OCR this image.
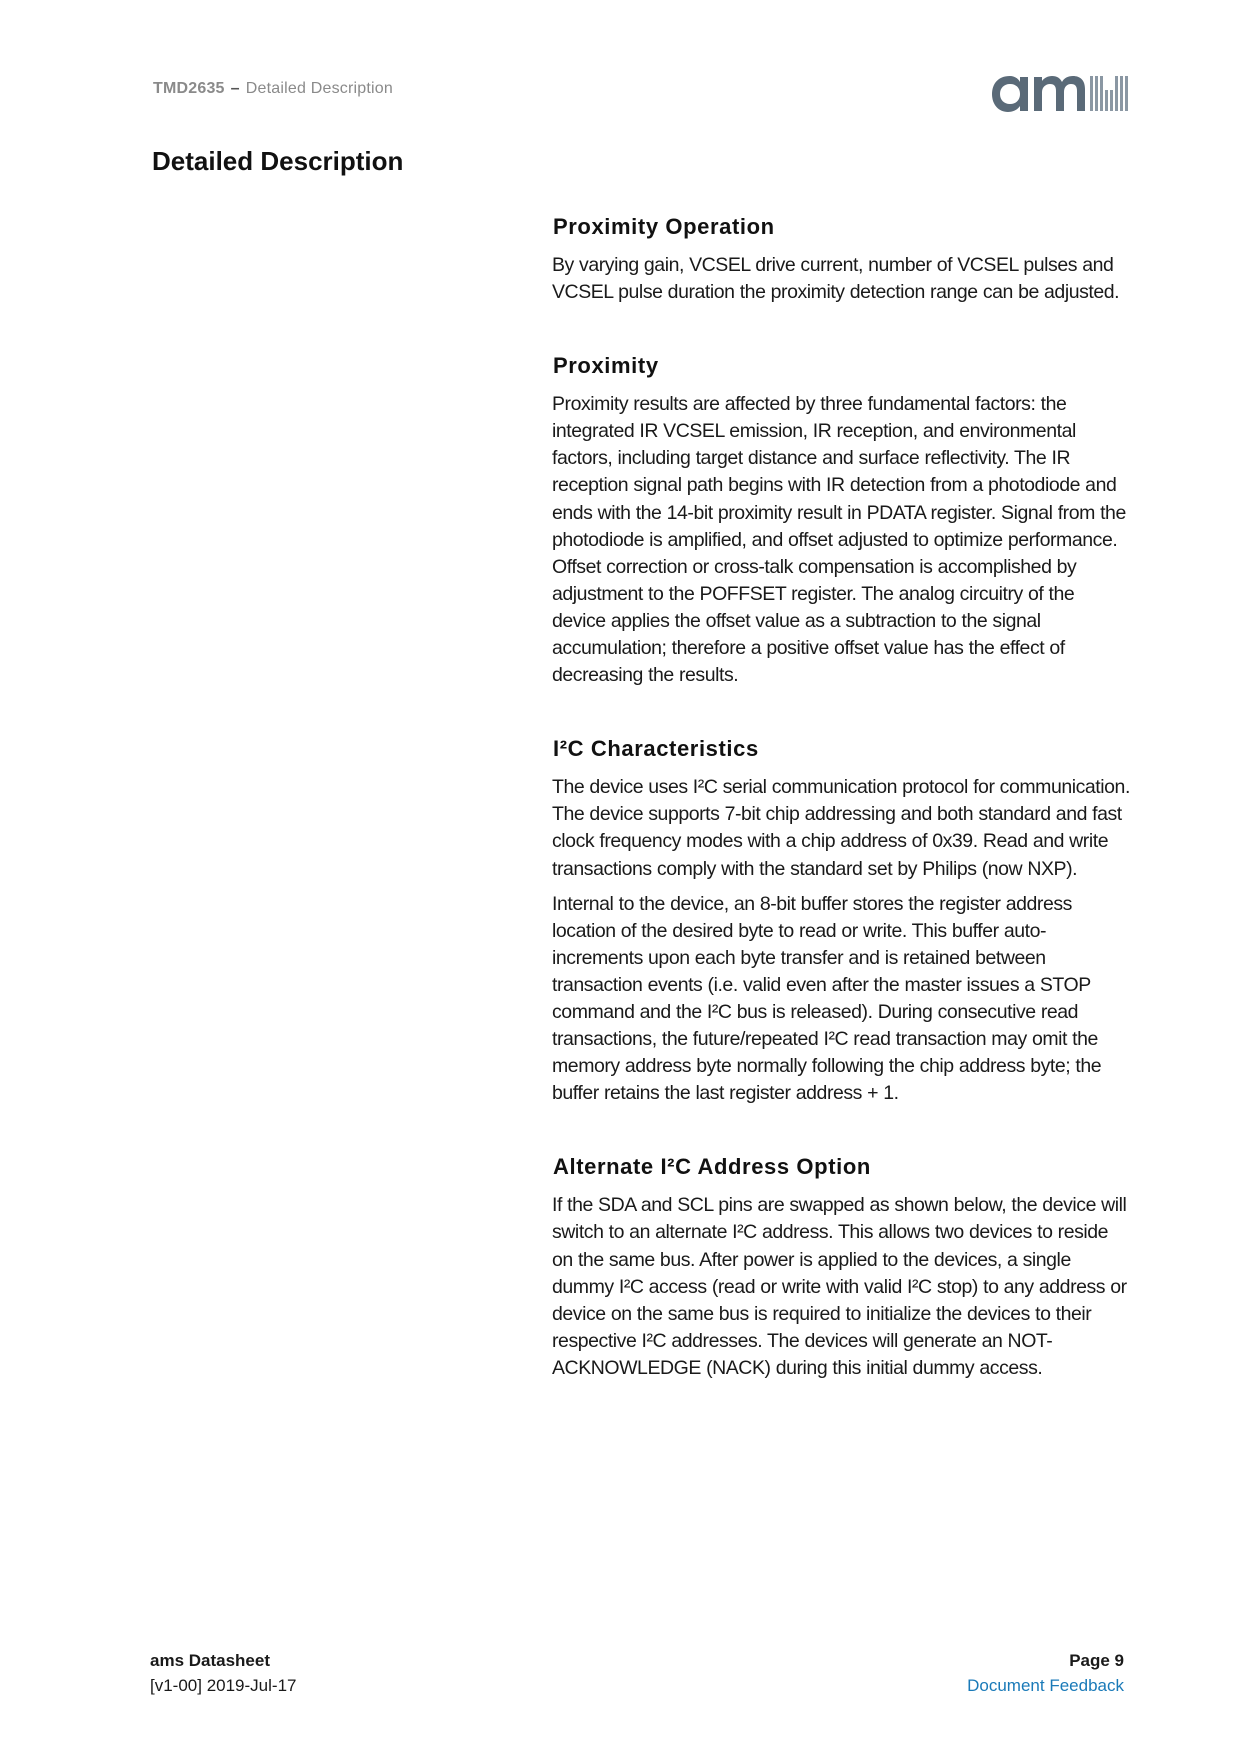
TMD2635 – Detailed Description
Detailed Description
Proximity Operation

By varying gain, VCSEL drive current, number of VCSEL pulses and VCSEL pulse duration the proximity detection range can be adjusted.

Proximity

Proximity results are affected by three fundamental factors: the integrated IR VCSEL emission, IR reception, and environmental factors, including target distance and surface reflectivity. The IR reception signal path begins with IR detection from a photodiode and ends with the 14-bit proximity result in PDATA register. Signal from the photodiode is amplified, and offset adjusted to optimize performance. Offset correction or cross-talk compensation is accomplished by adjustment to the POFFSET register. The analog circuitry of the device applies the offset value as a subtraction to the signal accumulation; therefore a positive offset value has the effect of decreasing the results.

I²C Characteristics

The device uses I²C serial communication protocol for communication. The device supports 7-bit chip addressing and both standard and fast clock frequency modes with a chip address of 0x39. Read and write transactions comply with the standard set by Philips (now NXP).

Internal to the device, an 8-bit buffer stores the register address location of the desired byte to read or write. This buffer auto-increments upon each byte transfer and is retained between transaction events (i.e. valid even after the master issues a STOP command and the I²C bus is released). During consecutive read transactions, the future/repeated I²C read transaction may omit the memory address byte normally following the chip address byte; the buffer retains the last register address + 1.

Alternate I²C Address Option

If the SDA and SCL pins are swapped as shown below, the device will switch to an alternate I²C address. This allows two devices to reside on the same bus. After power is applied to the devices, a single dummy I²C access (read or write with valid I²C stop) to any address or device on the same bus is required to initialize the devices to their respective I²C addresses. The devices will generate an NOT-ACKNOWLEDGE (NACK) during this initial dummy access.

ams Datasheet
[v1-00] 2019-Jul-17
Page 9
Document Feedback
